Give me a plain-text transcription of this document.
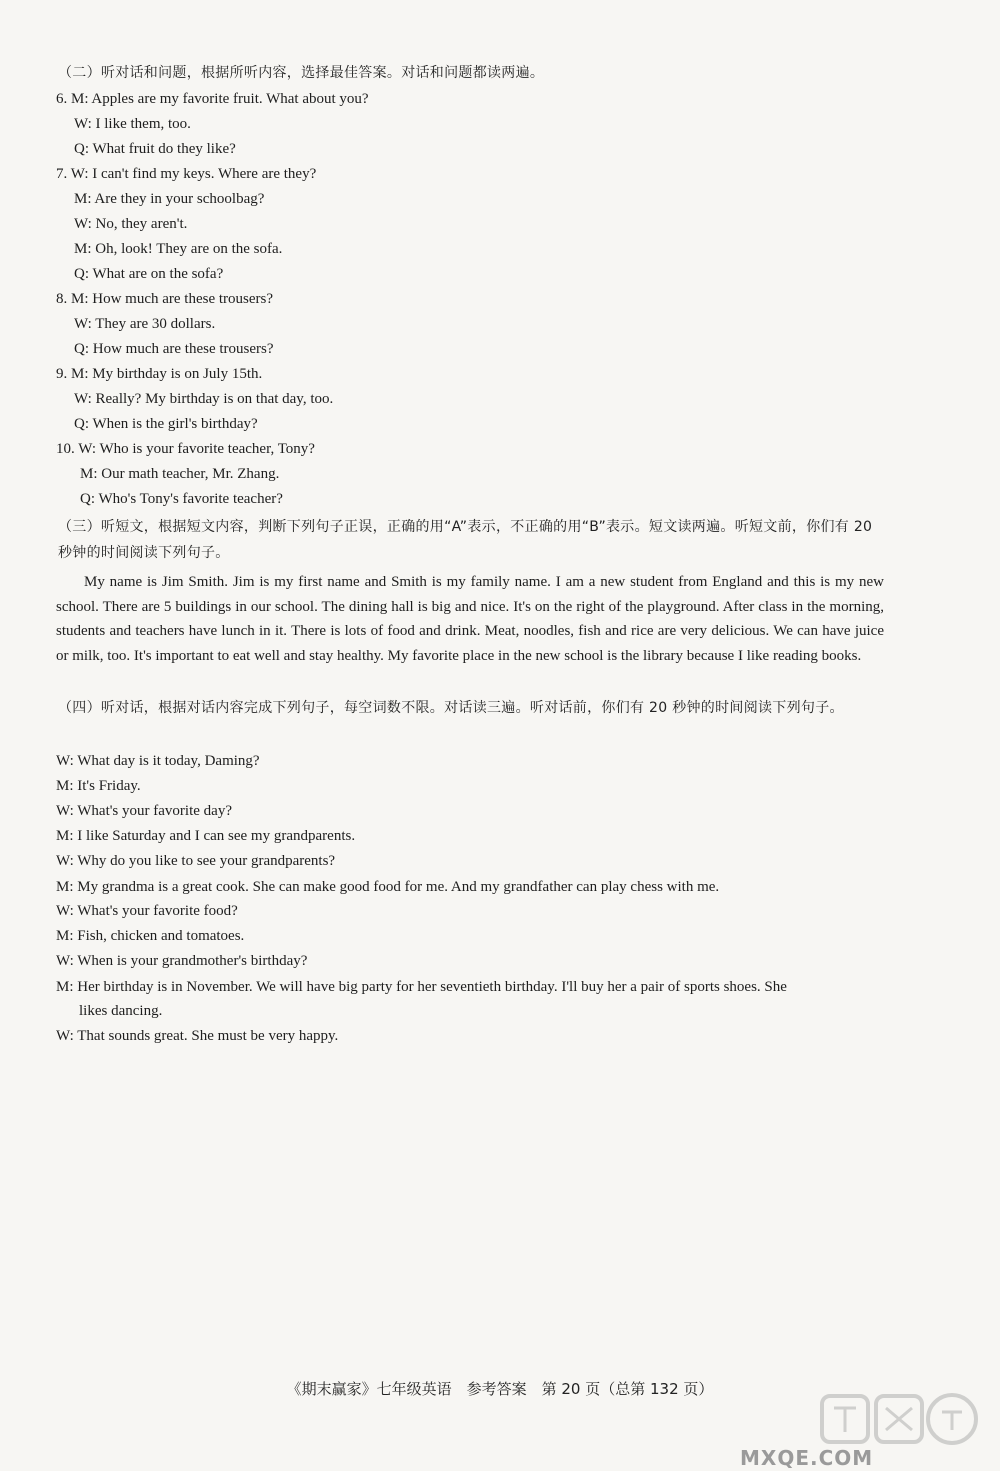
（二）听对话和问题，根据所听内容，选择最佳答案。对话和问题都读两遍。
6. M: Apples are my favorite fruit. What about you?
W: I like them, too.
Q: What fruit do they like?
7. W: I can't find my keys. Where are they?
M: Are they in your schoolbag?
W: No, they aren't.
M: Oh, look! They are on the sofa.
Q: What are on the sofa?
8. M: How much are these trousers?
W: They are 30 dollars.
Q: How much are these trousers?
9. M: My birthday is on July 15th.
W: Really? My birthday is on that day, too.
Q: When is the girl's birthday?
10. W: Who is your favorite teacher, Tony?
M: Our math teacher, Mr. Zhang.
Q: Who's Tony's favorite teacher?
（三）听短文，根据短文内容，判断下列句子正误，正确的用“A”表示，不正确的用“B”表示。短文读两遍。听短文前，你们有 20 秒钟的时间阅读下列句子。
My name is Jim Smith. Jim is my first name and Smith is my family name. I am a new student from England and this is my new school. There are 5 buildings in our school. The dining hall is big and nice. It's on the right of the playground. After class in the morning, students and teachers have lunch in it. There is lots of food and drink. Meat, noodles, fish and rice are very delicious. We can have juice or milk, too. It's important to eat well and stay healthy. My favorite place in the new school is the library because I like reading books.
（四）听对话，根据对话内容完成下列句子，每空词数不限。对话读三遍。听对话前，你们有 20 秒钟的时间阅读下列句子。
W: What day is it today, Daming?
M: It's Friday.
W: What's your favorite day?
M: I like Saturday and I can see my grandparents.
W: Why do you like to see your grandparents?
M: My grandma is a great cook. She can make good food for me. And my grandfather can play chess with me.
W: What's your favorite food?
M: Fish, chicken and tomatoes.
W: When is your grandmother's birthday?
M: Her birthday is in November. We will have big party for her seventieth birthday. I'll buy her a pair of sports shoes. She
likes dancing.
W: That sounds great. She must be very happy.
《期末赢家》七年级英语　参考答案　第 20 页（总第 132 页）
MXQE.COM
